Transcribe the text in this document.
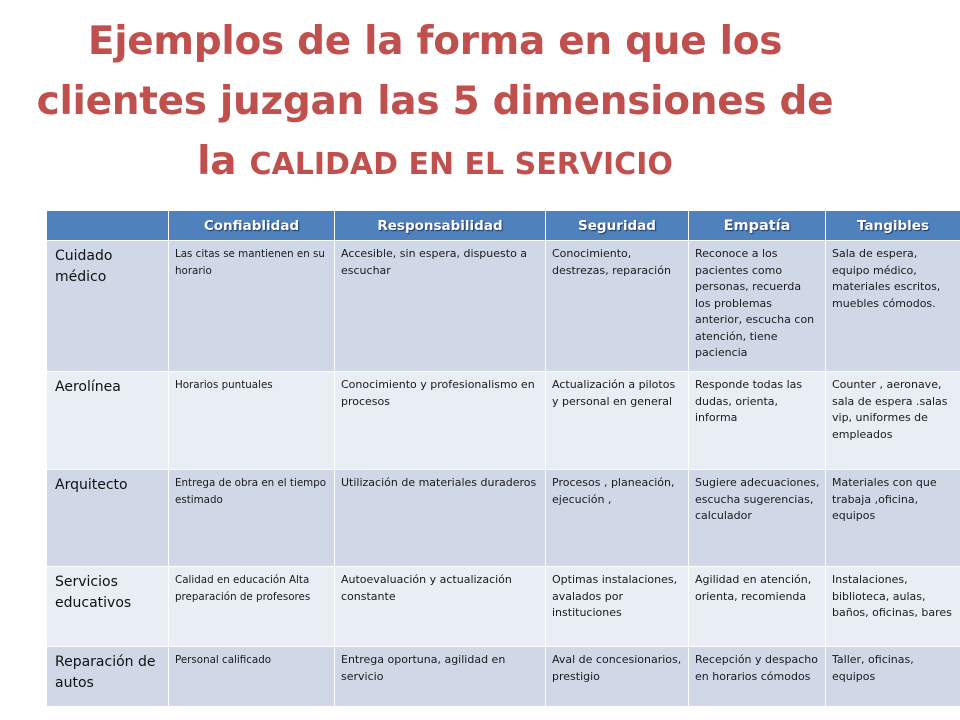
Ejemplos de la forma en que los
clientes juzgan las 5 dimensiones de
la CALIDAD EN EL SERVICIO
	Confiablidad	Responsabilidad	Seguridad	Empatía	Tangibles
Cuidado médico	Las citas se mantienen en su horario	Accesible, sin espera, dispuesto a escuchar	Conocimiento, destrezas, reparación	Reconoce a los pacientes como personas, recuerda los problemas anterior, escucha con atención, tiene paciencia	Sala de espera, equipo médico, materiales escritos, muebles cómodos.
Aerolínea	Horarios puntuales	Conocimiento y profesionalismo en procesos	Actualización a pilotos y personal en general	Responde todas las dudas, orienta, informa	Counter , aeronave, sala de espera .salas vip, uniformes de empleados
Arquitecto	Entrega de obra en el tiempo estimado	Utilización de materiales duraderos	Procesos , planeación, ejecución ,	Sugiere adecuaciones, escucha sugerencias, calculador	Materiales con que trabaja ,oficina, equipos
Servicios educativos	Calidad en educación Alta preparación de profesores	Autoevaluación y actualización constante	Optimas instalaciones, avalados por instituciones	Agilidad en atención, orienta, recomienda	Instalaciones, biblioteca, aulas, baños, oficinas, bares
Reparación de autos	Personal calificado	Entrega oportuna, agilidad en servicio	Aval de concesionarios, prestigio	Recepción y despacho en horarios cómodos	Taller, oficinas, equipos
